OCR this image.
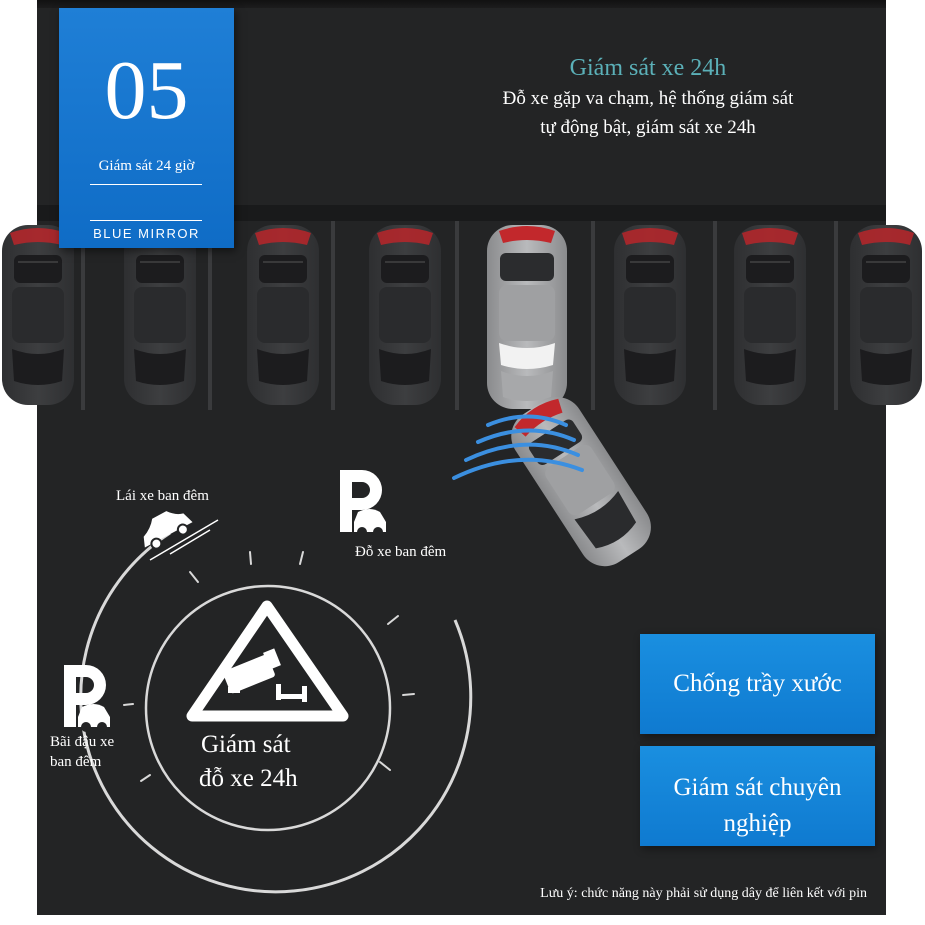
05
Giám sát 24 giờ
BLUE MIRROR
Giám sát xe 24h
Đỗ xe gặp va chạm, hệ thống giám sát
tự động bật, giám sát xe 24h
Lái xe ban đêm
Đỗ xe ban đêm
Bãi đậu xe
ban đêm
Giám sát
đỗ xe 24h
Chống trầy xước
Giám sát chuyên
nghiệp
Lưu ý: chức năng này phải sử dụng dây để liên kết với pin
